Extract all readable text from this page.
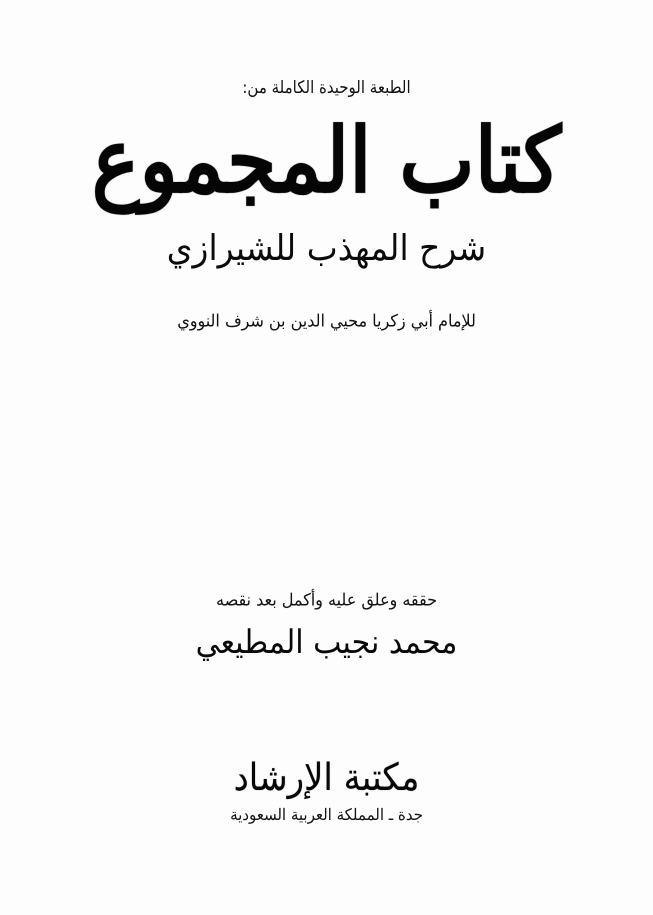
الطبعة الوحيدة الكاملة من:
كتاب المجموع
شرح المهذب للشيرازي
للإمام أبي زكريا محيي الدين بن شرف النووي
حققه وعلق عليه وأكمل بعد نقصه
محمد نجيب المطيعي
مكتبة الإرشاد
جدة ـ المملكة العربية السعودية
